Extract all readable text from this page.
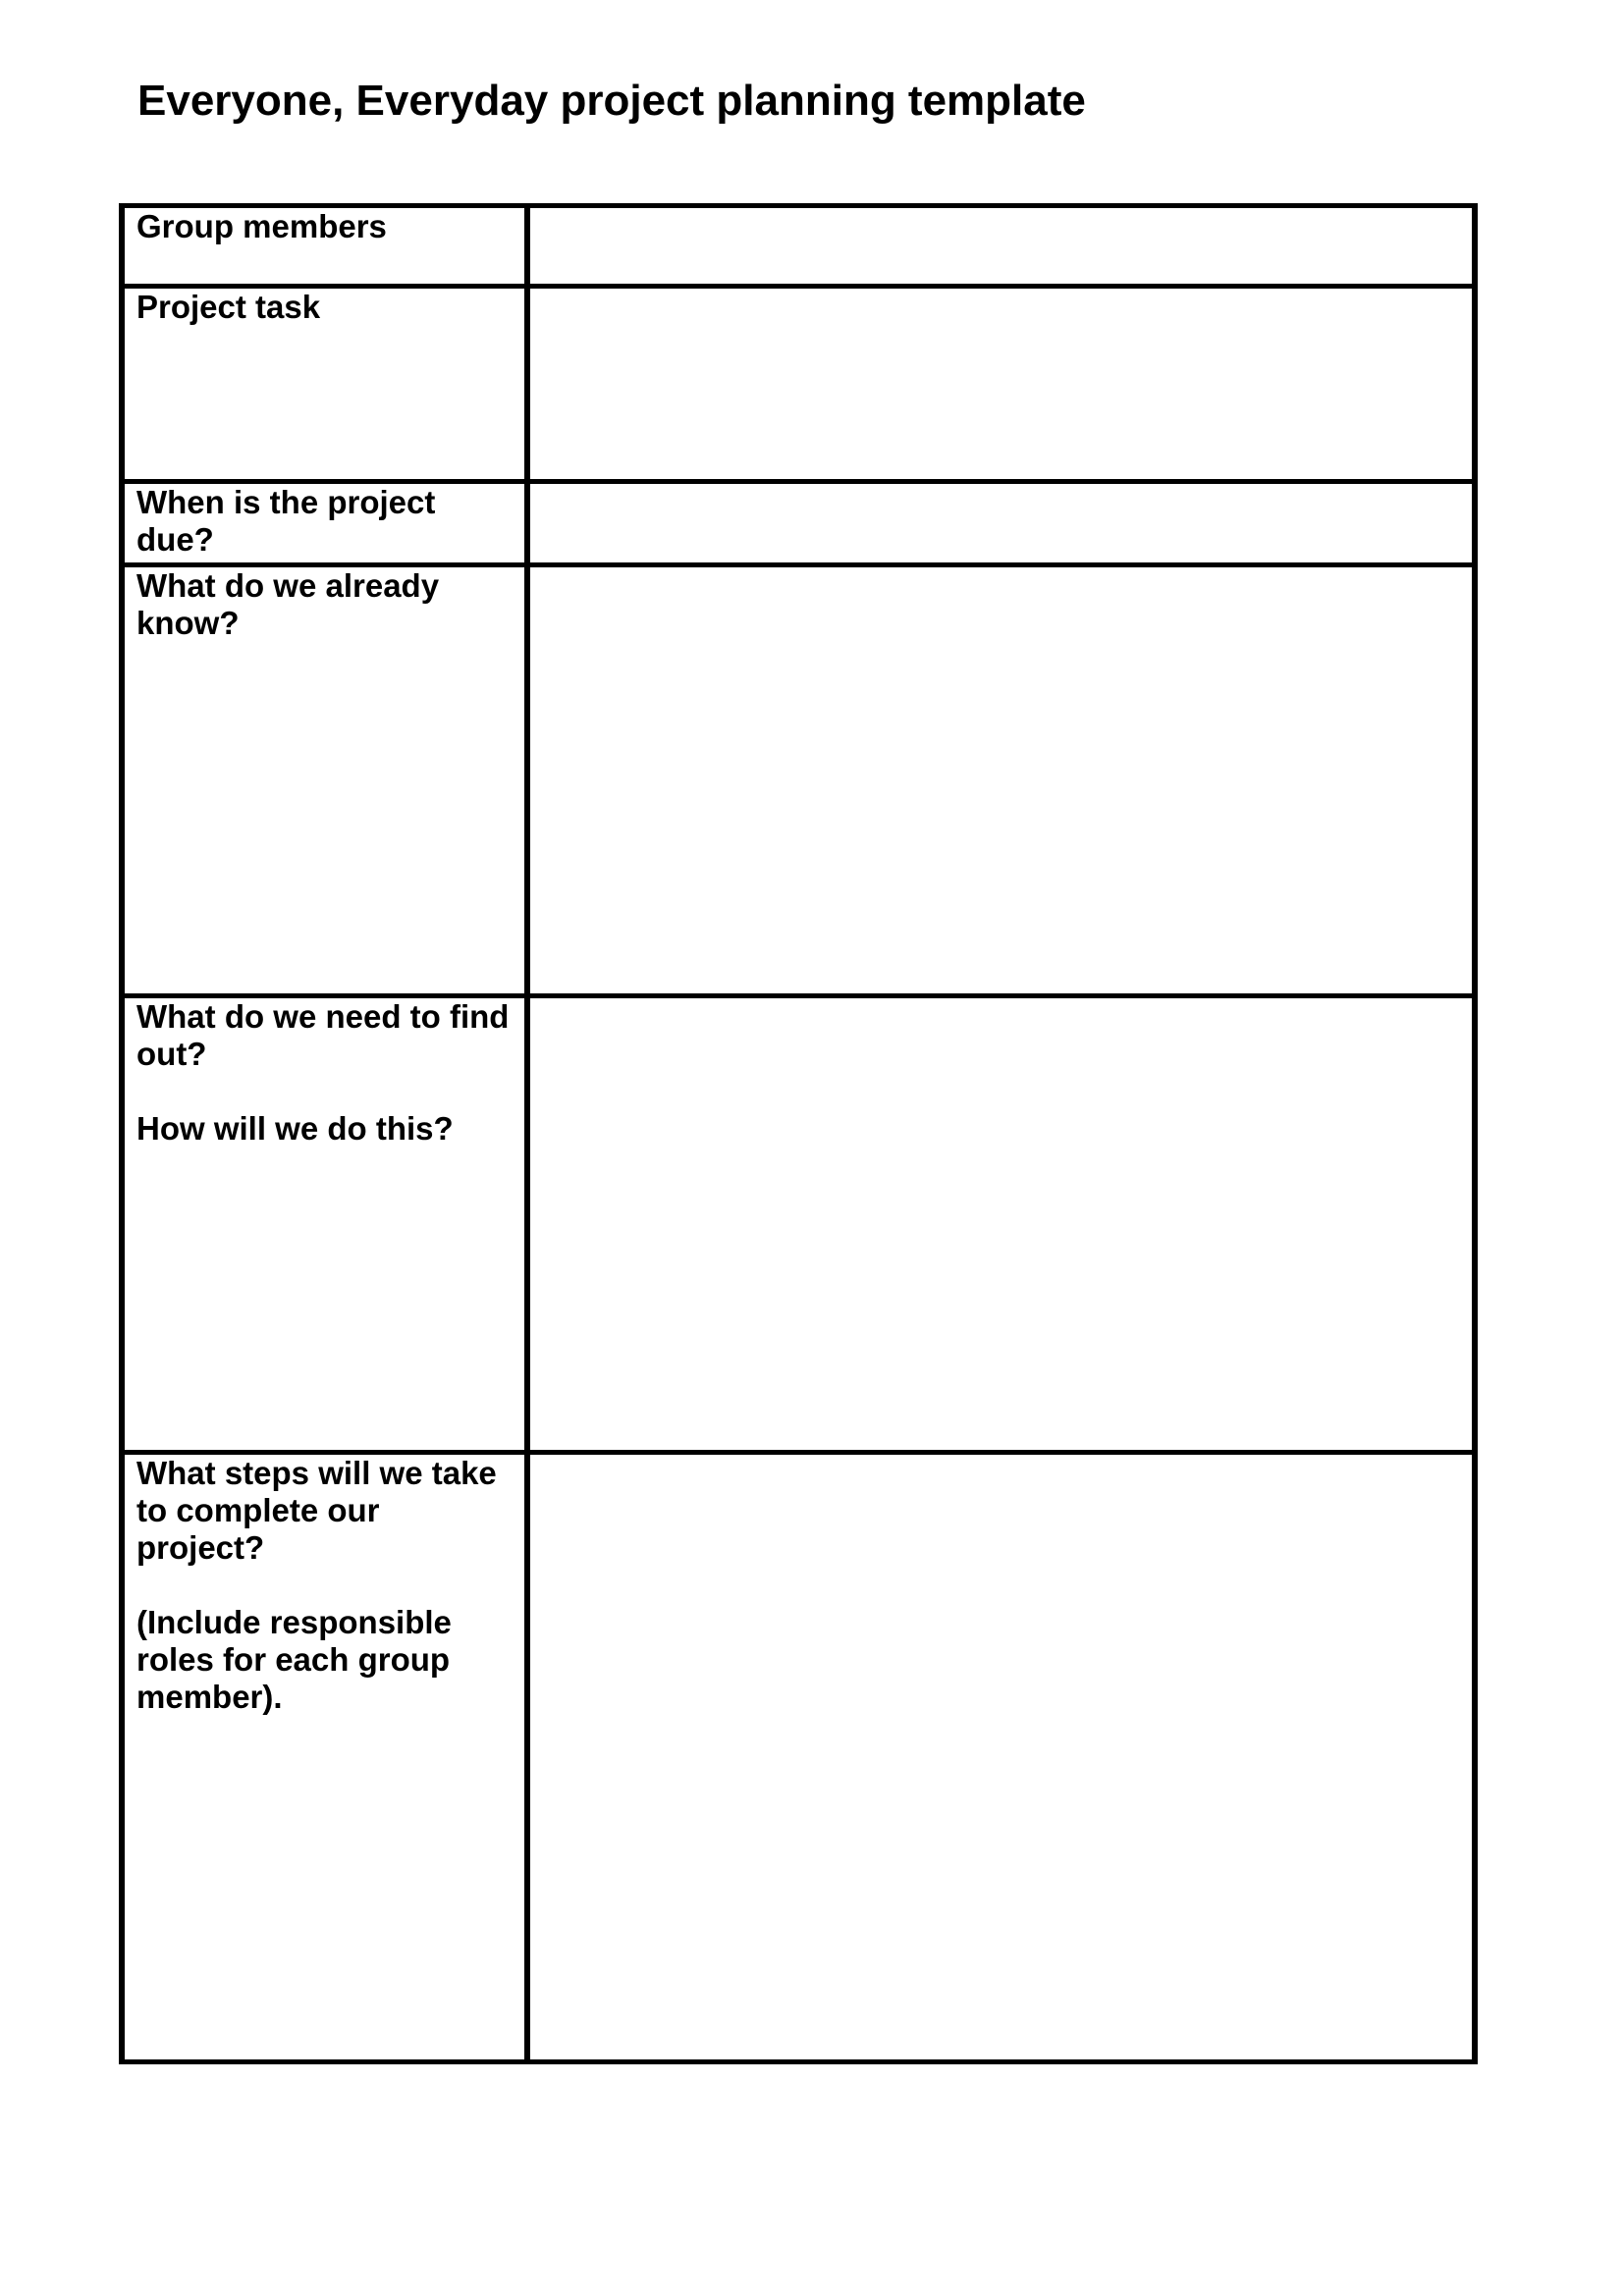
Everyone, Everyday project planning template
Group members
Project task
When is the project
due?
What do we already
know?
What do we need to find
out?
How will we do this?
What steps will we take
to complete our
project?
(Include responsible
roles for each group
member).
